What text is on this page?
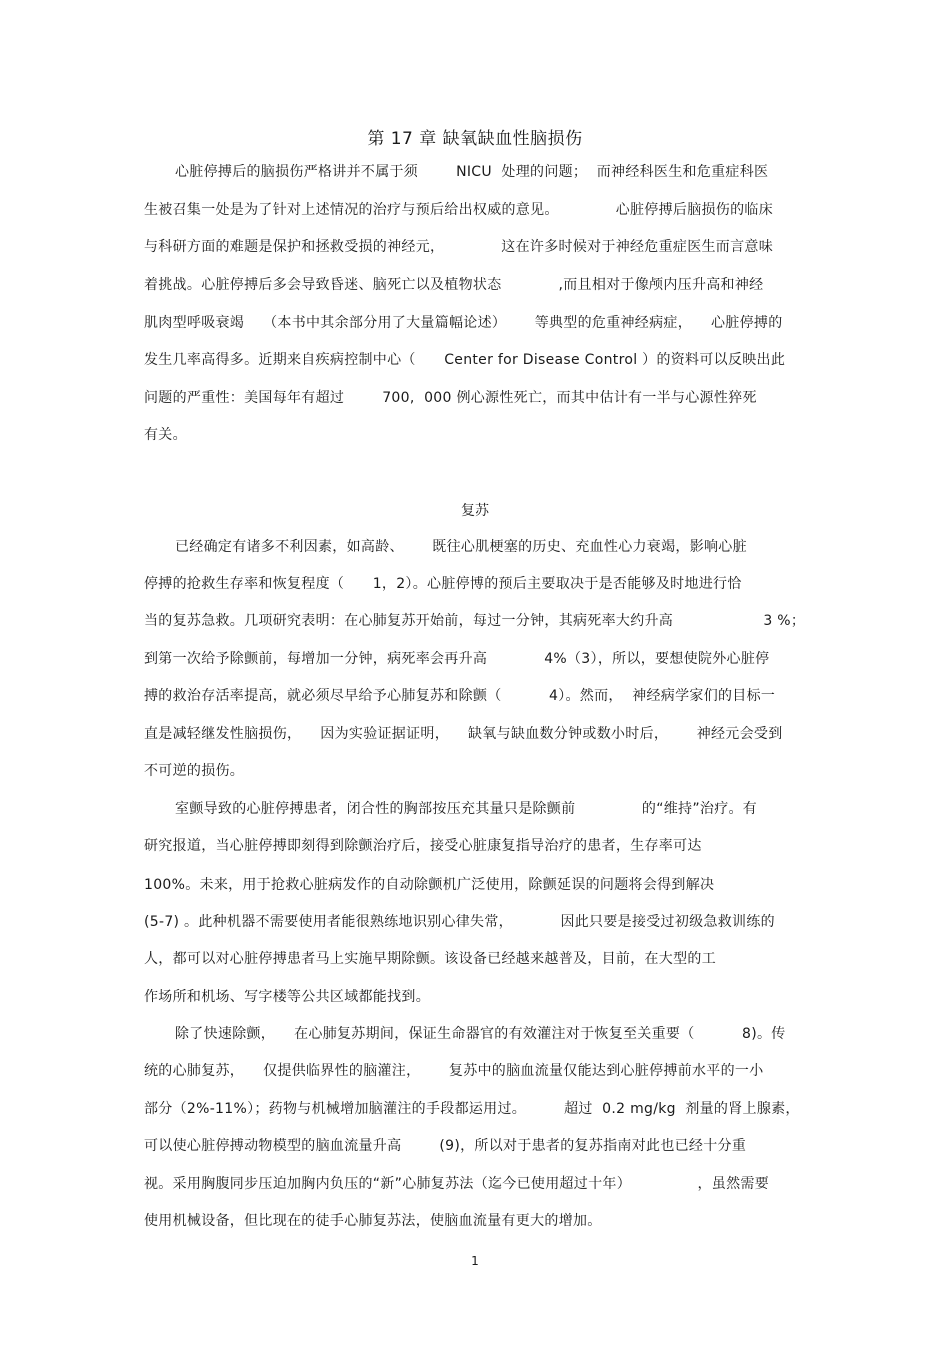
第 17 章 缺氧缺血性脑损伤
心脏停搏后的脑损伤严格讲并不属于须        NICU  处理的问题；  而神经科医生和危重症科医
生被召集一处是为了针对上述情况的治疗与预后给出权威的意见。            心脏停搏后脑损伤的临床
与科研方面的难题是保护和拯救受损的神经元，            这在许多时候对于神经危重症医生而言意味
着挑战。心脏停搏后多会导致昏迷、脑死亡以及植物状态            ,而且相对于像颅内压升高和神经
肌肉型呼吸衰竭    （本书中其余部分用了大量篇幅论述）      等典型的危重神经病症，    心脏停搏的
发生几率高得多。近期来自疾病控制中心（      Center for Disease Control ）的资料可以反映出此
问题的严重性：美国每年有超过        700,  000 例心源性死亡，而其中估计有一半与心源性猝死
有关。
复苏
已经确定有诸多不利因素，如高龄、      既往心肌梗塞的历史、充血性心力衰竭，影响心脏
停搏的抢救生存率和恢复程度（      1，2）。心脏停博的预后主要取决于是否能够及时地进行恰
当的复苏急救。几项研究表明：在心肺复苏开始前，每过一分钟，其病死率大约升高                   3 %；
到第一次给予除颤前，每增加一分钟，病死率会再升高            4%（3），所以，要想使院外心脏停
搏的救治存活率提高，就必须尽早给予心肺复苏和除颤（          4）。然而，  神经病学家们的目标一
直是减轻继发性脑损伤，    因为实验证据证明，    缺氧与缺血数分钟或数小时后，      神经元会受到
不可逆的损伤。
室颤导致的心脏停搏患者，闭合性的胸部按压充其量只是除颤前              的“维持”治疗。有
研究报道，当心脏停搏即刻得到除颤治疗后，接受心脏康复指导治疗的患者，生存率可达
100%。未来，用于抢救心脏病发作的自动除颤机广泛使用，除颤延误的问题将会得到解决
(5-7) 。此种机器不需要使用者能很熟练地识别心律失常，          因此只要是接受过初级急救训练的
人，都可以对心脏停搏患者马上实施早期除颤。该设备已经越来越普及，目前，在大型的工
作场所和机场、写字楼等公共区域都能找到。
除了快速除颤，    在心肺复苏期间，保证生命器官的有效灌注对于恢复至关重要（          8)。传
统的心肺复苏，    仅提供临界性的脑灌注，      复苏中的脑血流量仅能达到心脏停搏前水平的一小
部分（2%-11%）；药物与机械增加脑灌注的手段都运用过。        超过  0.2 mg/kg  剂量的肾上腺素，
可以使心脏停搏动物模型的脑血流量升高        (9)，所以对于患者的复苏指南对此也已经十分重
视。采用胸腹同步压迫加胸内负压的“新”心肺复苏法（迄今已使用超过十年）              ，虽然需要
使用机械设备，但比现在的徒手心肺复苏法，使脑血流量有更大的增加。
1
